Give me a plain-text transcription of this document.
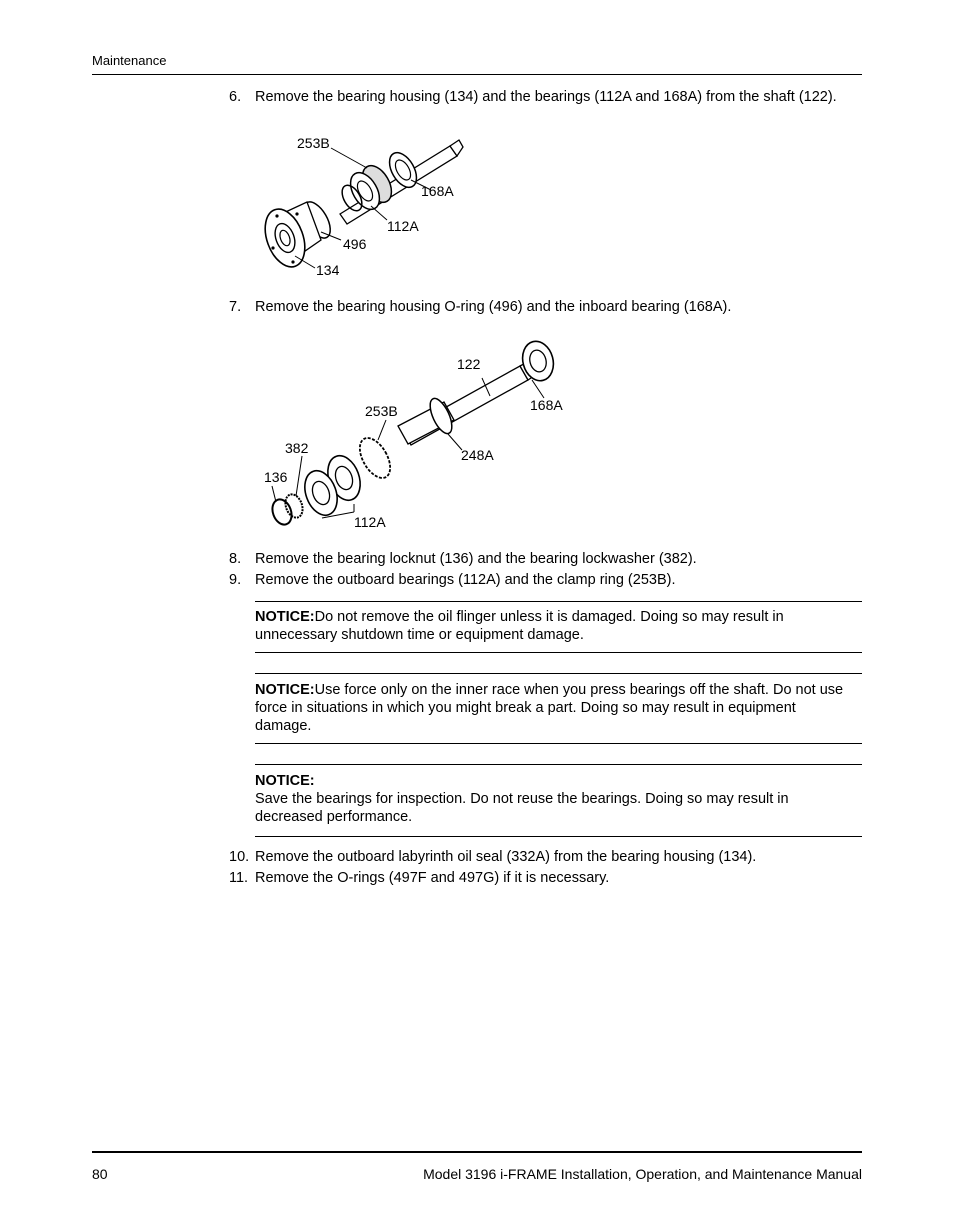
Maintenance
6. Remove the bearing housing (134) and the bearings (112A and 168A) from the shaft (122).
253B
168A
112A
496
134
7. Remove the bearing housing O-ring (496) and the inboard bearing (168A).
122
168A
253B
382	248A
136
112A
8. Remove the bearing locknut (136) and the bearing lockwasher (382).
9. Remove the outboard bearings (112A) and the clamp ring (253B).
NOTICE:Do not remove the oil flinger unless it is damaged. Doing so may result in unnecessary shutdown time or equipment damage.
NOTICE:Use force only on the inner race when you press bearings off the shaft. Do not use force in situations in which you might break a part. Doing so may result in equipment damage.
NOTICE:
Save the bearings for inspection. Do not reuse the bearings. Doing so may result in decreased performance.
10. Remove the outboard labyrinth oil seal (332A) from the bearing housing (134).
11. Remove the O-rings (497F and 497G) if it is necessary.
80	Model 3196 i-FRAME Installation, Operation, and Maintenance Manual
